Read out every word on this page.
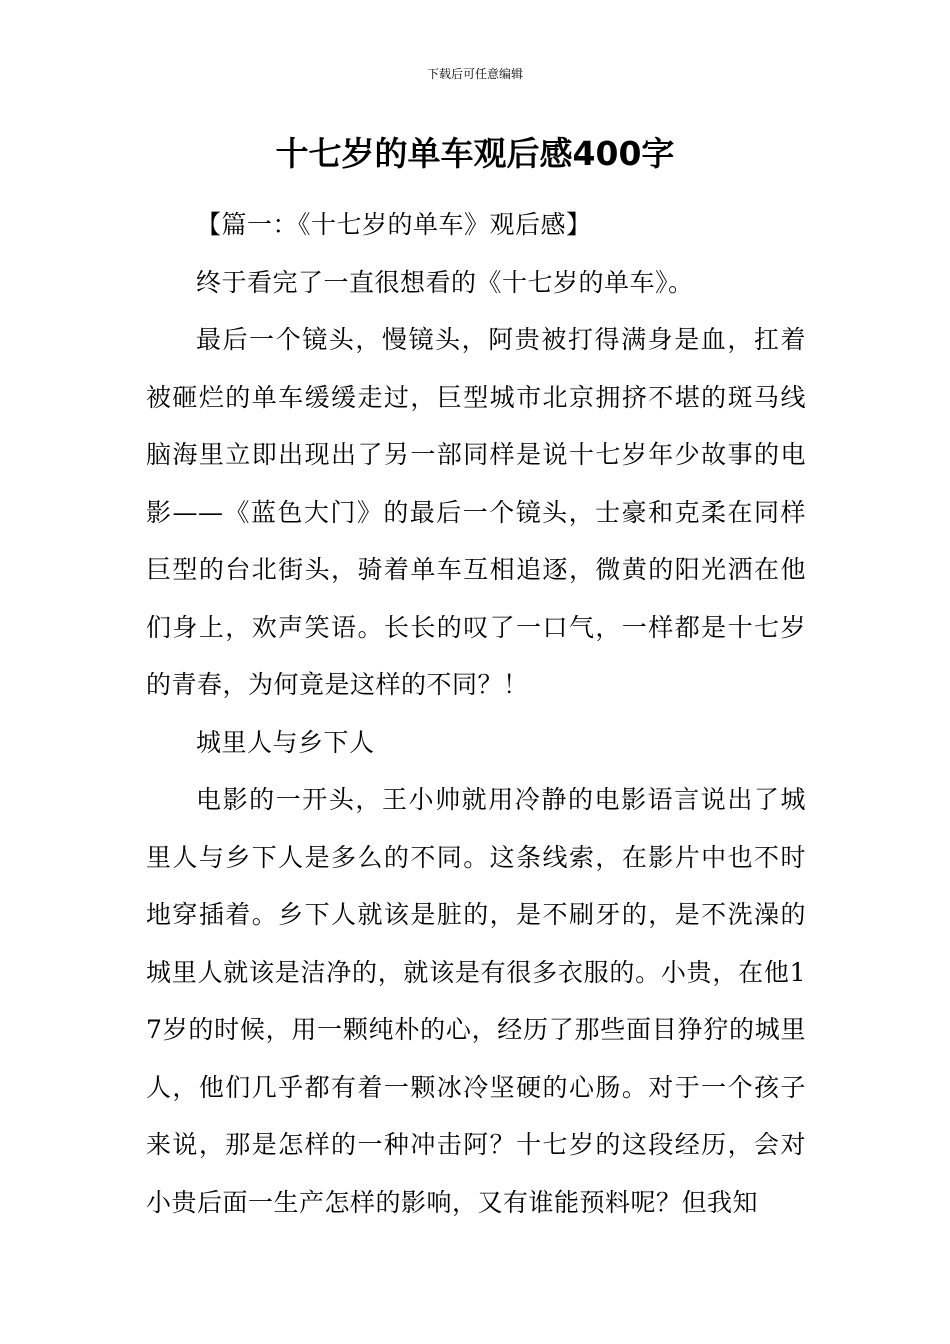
下载后可任意编辑
十七岁的单车观后感400字

【篇一：《十七岁的单车》观后感】

终于看完了一直很想看的《十七岁的单车》。

最后一个镜头，慢镜头，阿贵被打得满身是血，扛着被砸烂的单车缓缓走过，巨型城市北京拥挤不堪的斑马线脑海里立即出现出了另一部同样是说十七岁年少故事的电影——《蓝色大门》的最后一个镜头，士豪和克柔在同样巨型的台北街头，骑着单车互相追逐，微黄的阳光洒在他们身上，欢声笑语。长长的叹了一口气，一样都是十七岁的青春，为何竟是这样的不同？！

城里人与乡下人

电影的一开头，王小帅就用冷静的电影语言说出了城里人与乡下人是多么的不同。这条线索，在影片中也不时地穿插着。乡下人就该是脏的，是不刷牙的，是不洗澡的城里人就该是洁净的，就该是有很多衣服的。小贵，在他17岁的时候，用一颗纯朴的心，经历了那些面目狰狞的城里人，他们几乎都有着一颗冰冷坚硬的心肠。对于一个孩子来说，那是怎样的一种冲击阿？十七岁的这段经历，会对小贵后面一生产怎样的影响，又有谁能预料呢？但我知
